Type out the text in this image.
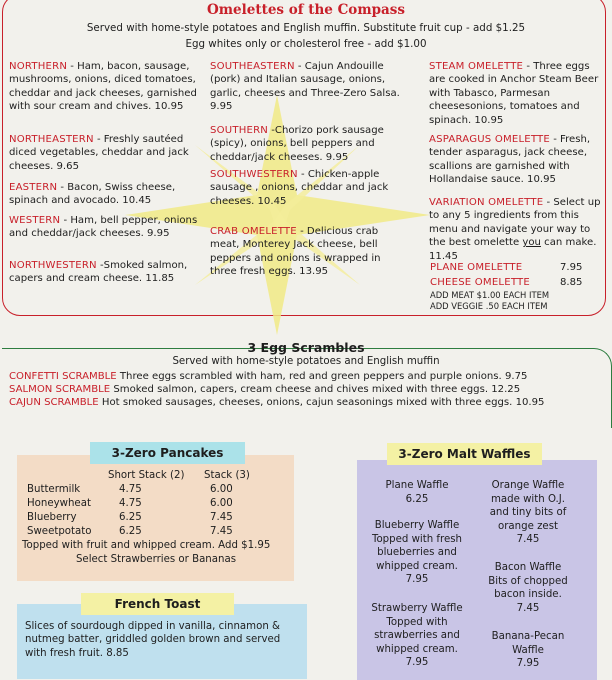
Omelettes of the Compass
Served with home-style potatoes and English muffin. Substitute fruit cup - add $1.25
Egg whites only or cholesterol free - add $1.00
NORTHERN - Ham, bacon, sausage, mushrooms, onions, diced tomatoes, cheddar and jack cheeses, garnished with sour cream and chives. 10.95
NORTHEASTERN - Freshly sautéed diced vegetables, cheddar and jack cheeses. 9.65
EASTERN - Bacon, Swiss cheese, spinach and avocado. 10.45
WESTERN - Ham, bell pepper, onions and cheddar/jack cheeses. 9.95
NORTHWESTERN -Smoked salmon, capers and cream cheese. 11.85
SOUTHEASTERN - Cajun Andouille (pork) and Italian sausage, onions, garlic, cheeses and Three-Zero Salsa. 9.95
SOUTHERN -Chorizo pork sausage (spicy), onions, bell peppers and cheddar/jack cheeses. 9.95
SOUTHWESTERN - Chicken-apple sausage , onions, cheddar and jack cheeses. 10.45
CRAB OMELETTE - Delicious crab meat, Monterey Jack cheese, bell peppers and onions is wrapped in three fresh eggs. 13.95
STEAM OMELETTE - Three eggs are cooked in Anchor Steam Beer with Tabasco, Parmesan cheesesonions, tomatoes and spinach. 10.95
ASPARAGUS OMELETTE - Fresh, tender asparagus, jack cheese, scallions are garnished with Hollandaise sauce. 10.95
VARIATION OMELETTE - Select up to any 5 ingredients from this menu and navigate your way to the best omelette you can make. 11.45
PLANE OMELETTE	7.95
CHEESE OMELETTE	8.85
ADD MEAT $1.00 EACH ITEM
ADD VEGGIE .50 EACH ITEM
3 Egg Scrambles
Served with home-style potatoes and English muffin
CONFETTI SCRAMBLE Three eggs scrambled with ham, red and green peppers and purple onions. 9.75
SALMON SCRAMBLE Smoked salmon, capers, cream cheese and chives mixed with three eggs. 12.25
CAJUN SCRAMBLE Hot smoked sausages, cheeses, onions, cajun seasonings mixed with three eggs. 10.95
3-Zero Pancakes
Short Stack (2) Stack (3)
Buttermilk	4.75	6.00
Honeywheat	4.75	6.00
Blueberry	6.25	7.45
Sweetpotato	6.25	7.45
Topped with fruit and whipped cream. Add $1.95
Select Strawberries or Bananas
French Toast
Slices of sourdough dipped in vanilla, cinnamon & nutmeg batter, griddled golden brown and served with fresh fruit. 8.85
3-Zero Malt Waffles
Plane Waffle
6.25
Orange Waffle
made with O.J.
and tiny bits of
orange zest
7.45
Blueberry Waffle
Topped with fresh
blueberries and
whipped cream.
7.95
Bacon Waffle
Bits of chopped
bacon inside.
7.45
Strawberry Waffle
Topped with
strawberries and
whipped cream.
7.95
Banana-Pecan
Waffle
7.95
